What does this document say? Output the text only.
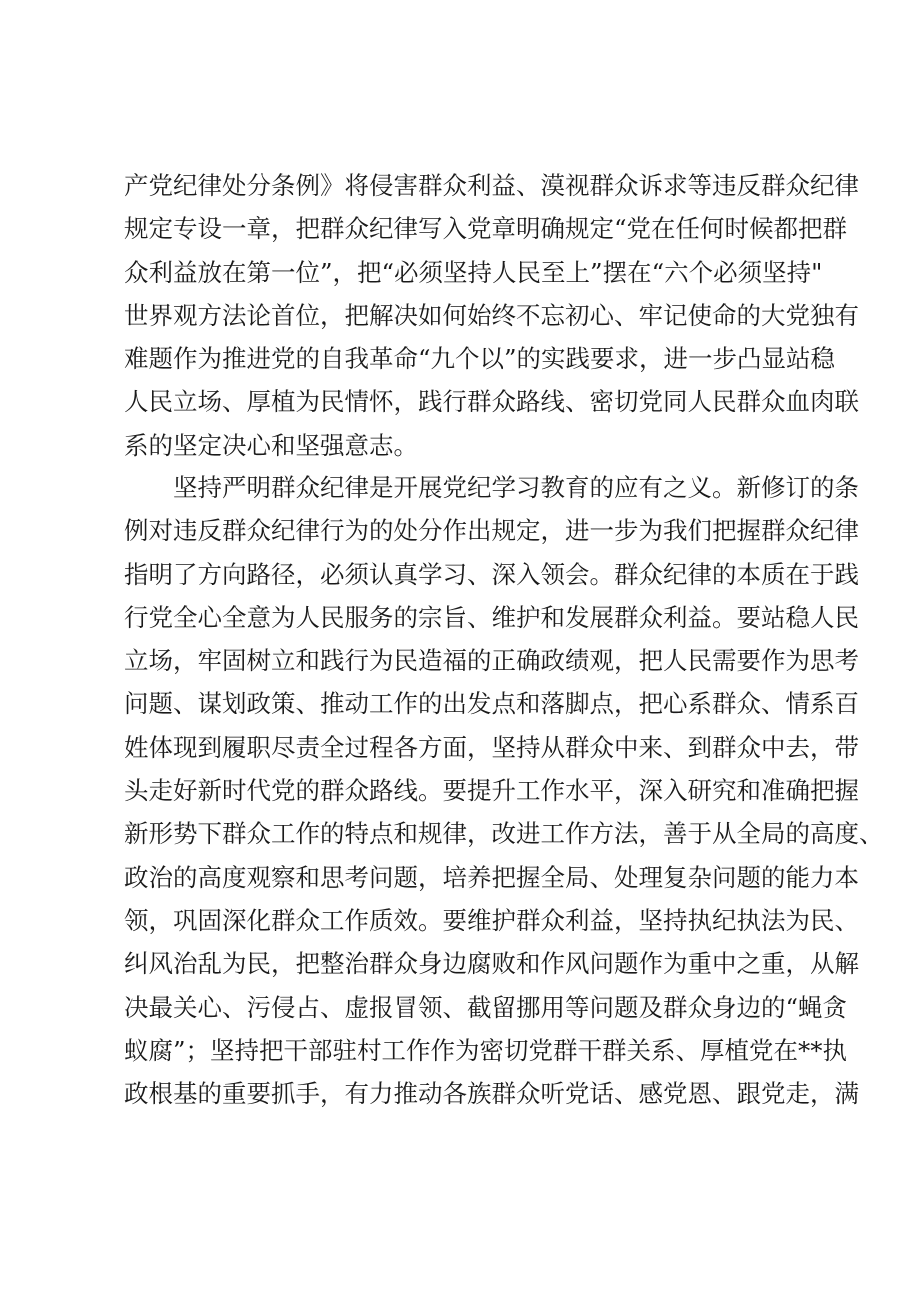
产党纪律处分条例》将侵害群众利益、漠视群众诉求等违反群众纪律
规定专设一章，把群众纪律写入党章明确规定“党在任何时候都把群
众利益放在第一位”，把“必须坚持人民至上”摆在“六个必须坚持"
世界观方法论首位，把解决如何始终不忘初心、牢记使命的大党独有
难题作为推进党的自我革命“九个以”的实践要求，进一步凸显站稳
人民立场、厚植为民情怀，践行群众路线、密切党同人民群众血肉联
系的坚定决心和坚强意志。
坚持严明群众纪律是开展党纪学习教育的应有之义。新修订的条
例对违反群众纪律行为的处分作出规定，进一步为我们把握群众纪律
指明了方向路径，必须认真学习、深入领会。群众纪律的本质在于践
行党全心全意为人民服务的宗旨、维护和发展群众利益。要站稳人民
立场，牢固树立和践行为民造福的正确政绩观，把人民需要作为思考
问题、谋划政策、推动工作的出发点和落脚点，把心系群众、情系百
姓体现到履职尽责全过程各方面，坚持从群众中来、到群众中去，带
头走好新时代党的群众路线。要提升工作水平，深入研究和准确把握
新形势下群众工作的特点和规律，改进工作方法，善于从全局的高度、
政治的高度观察和思考问题，培养把握全局、处理复杂问题的能力本
领，巩固深化群众工作质效。要维护群众利益，坚持执纪执法为民、
纠风治乱为民，把整治群众身边腐败和作风问题作为重中之重，从解
决最关心、污侵占、虚报冒领、截留挪用等问题及群众身边的“蝇贪
蚁腐”；坚持把干部驻村工作作为密切党群干群关系、厚植党在**执
政根基的重要抓手，有力推动各族群众听党话、感党恩、跟党走，满
